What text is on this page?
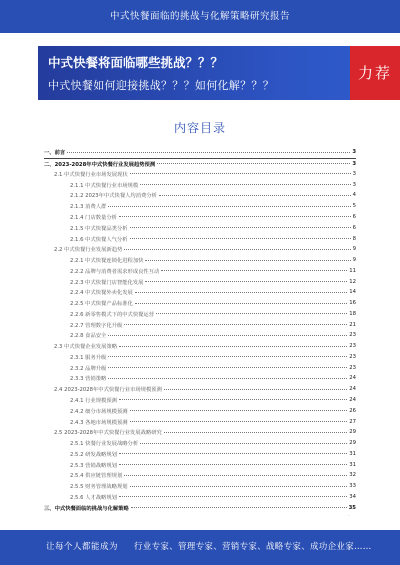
中式快餐面临的挑战与化解策略研究报告
中式快餐将面临哪些挑战？？？
中式快餐如何迎接挑战？？？如何化解？？？
力荐
内容目录
一、前言	3
二、2023-2028年中式快餐行业发展趋势预测	3
2.1 中式快餐行业市场发展现状	3
2.1.1 中式快餐行业市场规模	3
2.1.2 2023年中式快餐人均消费分析	4
2.1.3 消费人群	5
2.1.4 门店数量分析	6
2.1.5 中式快餐品类分析	6
2.1.6 中式快餐人气分析	8
2.2 中式快餐行业发展新趋势	9
2.2.1 中式快餐连锁化进程加快	9
2.2.2 品牌与消费者需求形成良性互动	11
2.2.3 中式快餐门店智能化发展	12
2.2.4 中式快餐外卖化发展	14
2.2.5 中式快餐产品标准化	16
2.2.6 新零售模式下的中式快餐运营	18
2.2.7 管理数字化升级	21
2.2.8 食品安全	23
2.3 中式快餐企业发展策略	23
2.3.1 服务升级	23
2.3.2 品牌升级	23
2.3.3 营销策略	24
2.4 2023-2028年中式快餐行业市场规模预测	24
2.4.1 行业规模预测	24
2.4.2 细分市场规模预测	26
2.4.3 各地市场规模预测	27
2.5 2023-2028年中式快餐行业发展战略研究	29
2.5.1 快餐行业发展战略分析	29
2.5.2 研发战略规划	31
2.5.3 营销战略规划	31
2.5.4 供应链管理规划	32
2.5.5 财务管理战略规划	33
2.5.6 人才战略规划	34
三、中式快餐面临的挑战与化解策略	35
.
让每个人都能成为 行业专家、管理专家、营销专家、战略专家、成功企业家……
